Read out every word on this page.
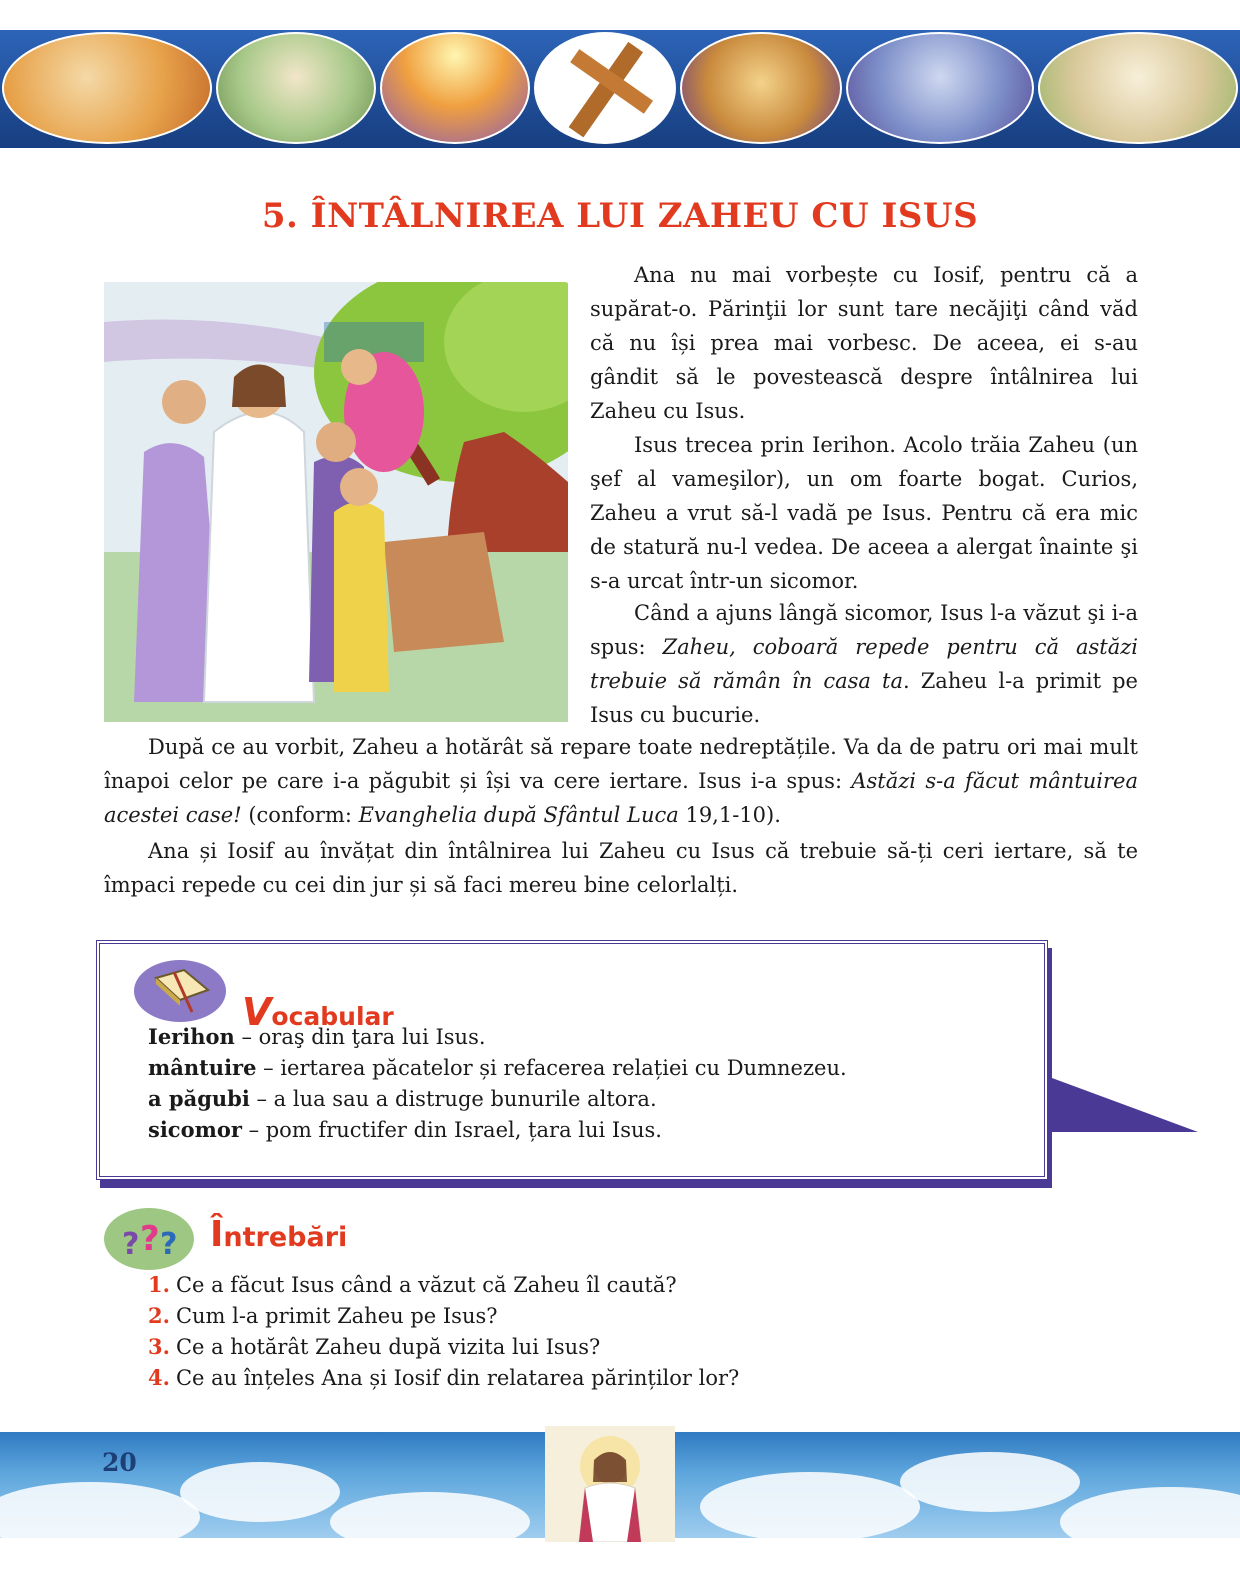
5. ÎNTÂLNIREA LUI ZAHEU CU ISUS

Ana nu mai vorbește cu Iosif, pentru că a supărat-o. Părinţii lor sunt tare necăjiţi când văd că nu își prea mai vorbesc. De aceea, ei s-au gândit să le povestească despre întâlnirea lui Zaheu cu Isus.

Isus trecea prin Ierihon. Acolo trăia Zaheu (un şef al vameşilor), un om foarte bogat. Curios, Zaheu a vrut să-l vadă pe Isus. Pentru că era mic de statură nu-l vedea. De aceea a alergat înainte şi s-a urcat într-un sicomor.

Când a ajuns lângă sicomor, Isus l-a văzut şi i-a spus: Zaheu, coboară repede pentru că astăzi trebuie să rămân în casa ta. Zaheu l-a primit pe Isus cu bucurie.

După ce au vorbit, Zaheu a hotărât să repare toate nedreptățile. Va da de patru ori mai mult înapoi celor pe care i-a păgubit și își va cere iertare. Isus i-a spus: Astăzi s-a făcut mântuirea acestei case! (conform: Evanghelia după Sfântul Luca 19,1-10).

Ana și Iosif au învățat din întâlnirea lui Zaheu cu Isus că trebuie să-ți ceri iertare, să te împaci repede cu cei din jur și să faci mereu bine celorlalți.

Vocabular
Ierihon – oraş din ţara lui Isus.
mântuire – iertarea păcatelor și refacerea relației cu Dumnezeu.
a păgubi – a lua sau a distruge bunurile altora.
sicomor – pom fructifer din Israel, țara lui Isus.
? ? ? Întrebări
1. Ce a făcut Isus când a văzut că Zaheu îl caută?
2. Cum l-a primit Zaheu pe Isus?
3. Ce a hotărât Zaheu după vizita lui Isus?
4. Ce au înțeles Ana și Iosif din relatarea părinților lor?
20
